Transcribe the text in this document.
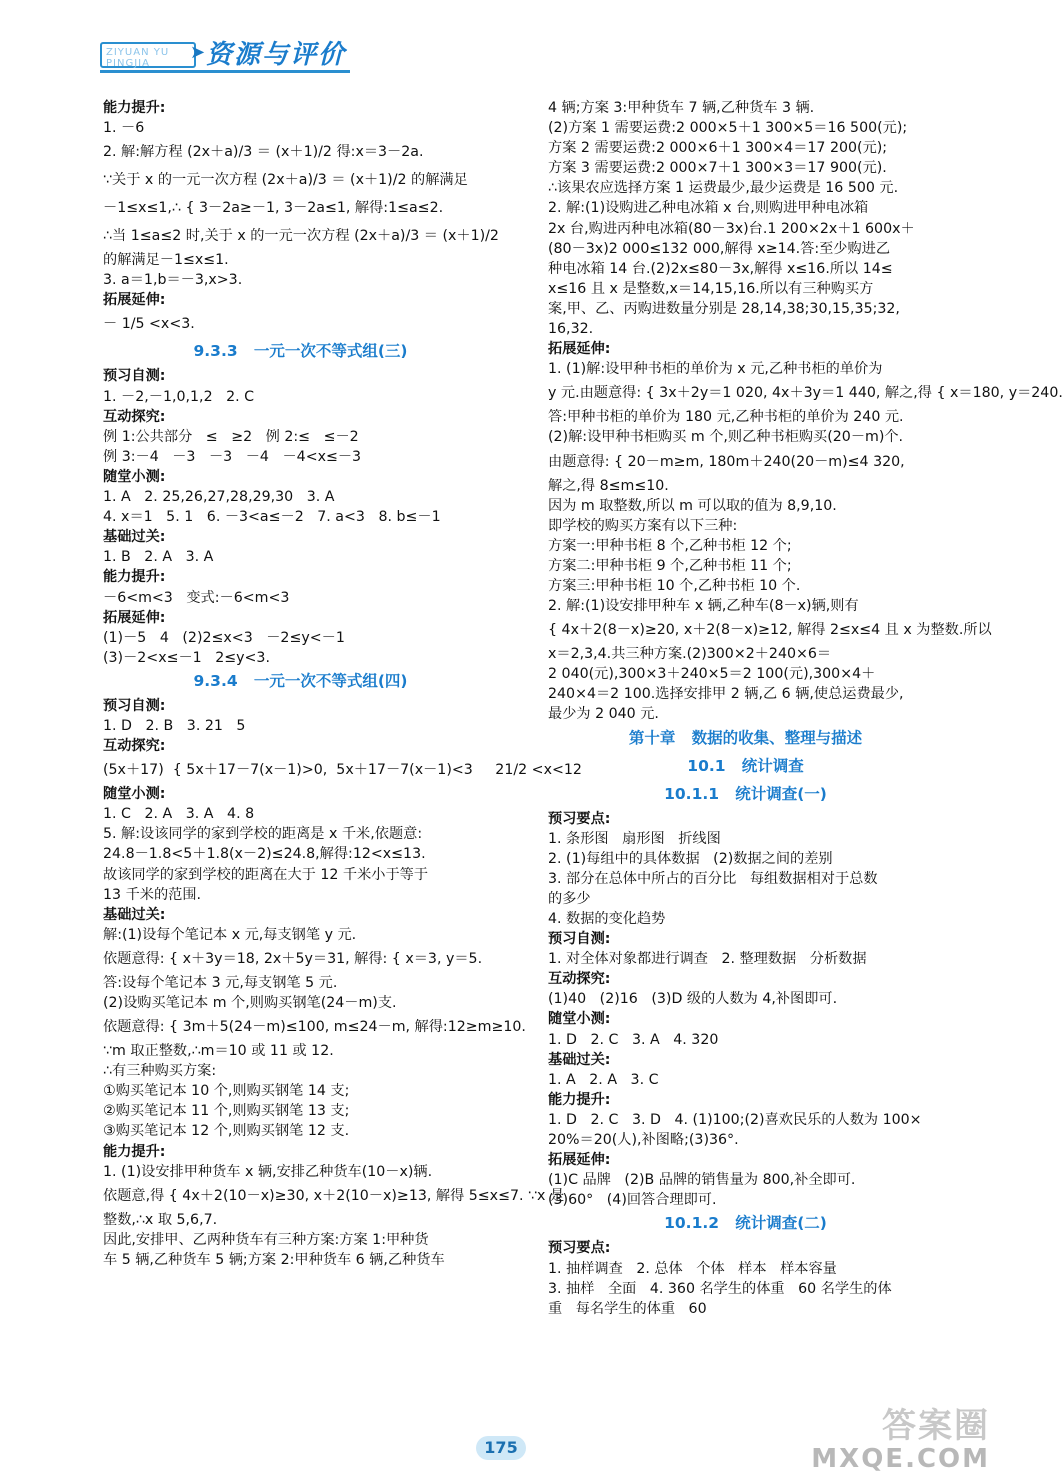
ZIYUAN YU PINGJIA
➤ 资源与评价
能力提升:
1. －6
2. 解:解方程 (2x＋a)/3 ＝ (x＋1)/2 得:x＝3－2a.
∵关于 x 的一元一次方程 (2x＋a)/3 ＝ (x＋1)/2 的解满足
－1≤x≤1,∴ { 3－2a≥－1, 3－2a≤1, 解得:1≤a≤2.
∴当 1≤a≤2 时,关于 x 的一元一次方程 (2x＋a)/3 ＝ (x＋1)/2
的解满足－1≤x≤1.
3. a＝1,b＝－3,x>3.
拓展延伸:
－ 1/5 <x<3.
9.3.3   一元一次不等式组(三)
预习自测:
1. －2,－1,0,1,2   2. C
互动探究:
例 1:公共部分   ≤   ≥2   例 2:≤   ≤－2
例 3:－4   －3   －3   －4   －4<x≤－3
随堂小测:
1. A   2. 25,26,27,28,29,30   3. A
4. x＝1   5. 1   6. －3<a≤－2   7. a<3   8. b≤－1
基础过关:
1. B   2. A   3. A
能力提升:
－6<m<3   变式:－6<m<3
拓展延伸:
(1)－5   4   (2)2≤x<3   －2≤y<－1
(3)－2<x≤－1   2≤y<3.
9.3.4   一元一次不等式组(四)
预习自测:
1. D   2. B   3. 21   5
互动探究:
(5x＋17)  { 5x＋17－7(x－1)>0,  5x＋17－7(x－1)<3     21/2 <x<12
随堂小测:
1. C   2. A   3. A   4. 8
5. 解:设该同学的家到学校的距离是 x 千米,依题意:
24.8－1.8<5＋1.8(x－2)≤24.8,解得:12<x≤13.
故该同学的家到学校的距离在大于 12 千米小于等于
13 千米的范围.
基础过关:
解:(1)设每个笔记本 x 元,每支钢笔 y 元.
依题意得: { x＋3y＝18, 2x＋5y＝31, 解得: { x＝3, y＝5.
答:设每个笔记本 3 元,每支钢笔 5 元.
(2)设购买笔记本 m 个,则购买钢笔(24－m)支.
依题意得: { 3m＋5(24－m)≤100, m≤24－m, 解得:12≥m≥10.
∵m 取正整数,∴m＝10 或 11 或 12.
∴有三种购买方案:
①购买笔记本 10 个,则购买钢笔 14 支;
②购买笔记本 11 个,则购买钢笔 13 支;
③购买笔记本 12 个,则购买钢笔 12 支.
能力提升:
1. (1)设安排甲种货车 x 辆,安排乙种货车(10－x)辆.
依题意,得 { 4x＋2(10－x)≥30, x＋2(10－x)≥13, 解得 5≤x≤7. ∵x 是
整数,∴x 取 5,6,7.
因此,安排甲、乙两种货车有三种方案:方案 1:甲种货
车 5 辆,乙种货车 5 辆;方案 2:甲种货车 6 辆,乙种货车
4 辆;方案 3:甲种货车 7 辆,乙种货车 3 辆.
(2)方案 1 需要运费:2 000×5＋1 300×5＝16 500(元);
方案 2 需要运费:2 000×6＋1 300×4＝17 200(元);
方案 3 需要运费:2 000×7＋1 300×3＝17 900(元).
∴该果农应选择方案 1 运费最少,最少运费是 16 500 元.
2. 解:(1)设购进乙种电冰箱 x 台,则购进甲种电冰箱
2x 台,购进丙种电冰箱(80－3x)台.1 200×2x＋1 600x＋
(80－3x)2 000≤132 000,解得 x≥14.答:至少购进乙
种电冰箱 14 台.(2)2x≤80－3x,解得 x≤16.所以 14≤
x≤16 且 x 是整数,x＝14,15,16.所以有三种购买方
案,甲、乙、丙购进数量分别是 28,14,38;30,15,35;32,
16,32.
拓展延伸:
1. (1)解:设甲种书柜的单价为 x 元,乙种书柜的单价为
y 元.由题意得: { 3x＋2y＝1 020, 4x＋3y＝1 440, 解之,得 { x＝180, y＝240.
答:甲种书柜的单价为 180 元,乙种书柜的单价为 240 元.
(2)解:设甲种书柜购买 m 个,则乙种书柜购买(20－m)个.
由题意得: { 20－m≥m, 180m＋240(20－m)≤4 320,
解之,得 8≤m≤10.
因为 m 取整数,所以 m 可以取的值为 8,9,10.
即学校的购买方案有以下三种:
方案一:甲种书柜 8 个,乙种书柜 12 个;
方案二:甲种书柜 9 个,乙种书柜 11 个;
方案三:甲种书柜 10 个,乙种书柜 10 个.
2. 解:(1)设安排甲种车 x 辆,乙种车(8－x)辆,则有
{ 4x＋2(8－x)≥20, x＋2(8－x)≥12, 解得 2≤x≤4 且 x 为整数.所以
x＝2,3,4.共三种方案.(2)300×2＋240×6＝
2 040(元),300×3＋240×5＝2 100(元),300×4＋
240×4＝2 100.选择安排甲 2 辆,乙 6 辆,使总运费最少,
最少为 2 040 元.
第十章   数据的收集、整理与描述
10.1   统计调查
10.1.1   统计调查(一)
预习要点:
1. 条形图   扇形图   折线图
2. (1)每组中的具体数据   (2)数据之间的差别
3. 部分在总体中所占的百分比   每组数据相对于总数
的多少
4. 数据的变化趋势
预习自测:
1. 对全体对象都进行调查   2. 整理数据   分析数据
互动探究:
(1)40   (2)16   (3)D 级的人数为 4,补图即可.
随堂小测:
1. D   2. C   3. A   4. 320
基础过关:
1. A   2. A   3. C
能力提升:
1. D   2. C   3. D   4. (1)100;(2)喜欢民乐的人数为 100×
20%＝20(人),补图略;(3)36°.
拓展延伸:
(1)C 品牌   (2)B 品牌的销售量为 800,补全即可.
(3)60°   (4)回答合理即可.
10.1.2   统计调查(二)
预习要点:
1. 抽样调查   2. 总体   个体   样本   样本容量
3. 抽样   全面   4. 360 名学生的体重   60 名学生的体
重   每名学生的体重   60
175
答案圈
MXQE.COM
